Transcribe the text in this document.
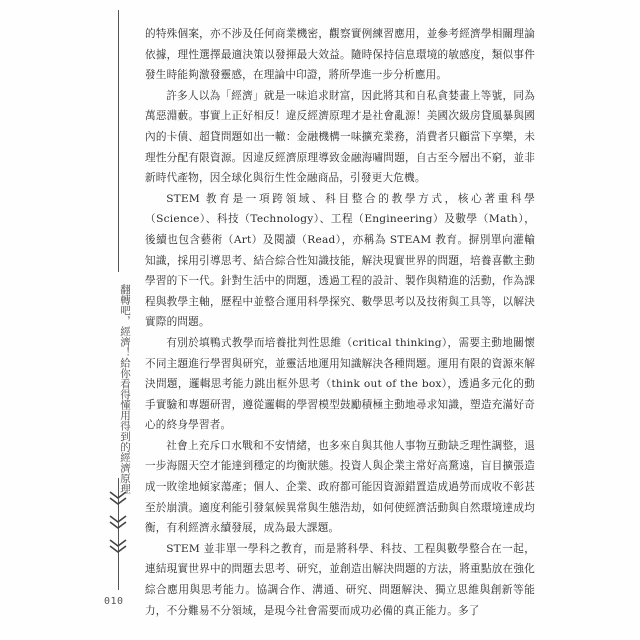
翻轉吧，經濟！給你看得懂用得到的經濟原理
010

的特殊個案，亦不涉及任何商業機密，觀察實例練習應用，並參考經濟學相關理論依據，理性選擇最適決策以發揮最大效益。隨時保持信息環境的敏感度，類似事件發生時能夠激發靈感，在理論中印證，將所學進一步分析應用。

許多人以為「經濟」就是一味追求財富，因此將其和自私貪婪畫上等號，同為萬惡淵藪。事實上正好相反！違反經濟原理才是社會亂源！美國次級房貸風暴與國內的卡債、超貸問題如出一轍：金融機構一味擴充業務，消費者只顧當下享樂，未理性分配有限資源。因違反經濟原理導致金融海嘯問題，自古至今層出不窮，並非新時代產物，因全球化與衍生性金融商品，引發更大危機。

STEM 教育是一項跨領域、科目整合的教學方式，核心著重科學（Science）、科技（Technology）、工程（Engineering）及數學（Math），後續也包含藝術（Art）及閱讀（Read），亦稱為 STEAM 教育。摒別單向灌輸知識，採用引導思考、結合綜合性知識技能，解決現實世界的問題，培養喜歡主動學習的下一代。針對生活中的問題，透過工程的設計、製作與精進的活動，作為課程與教學主軸，歷程中並整合運用科學探究、數學思考以及技術與工具等，以解決實際的問題。

有別於填鴨式教學而培養批判性思維（critical thinking），需要主動地關懷不同主題進行學習與研究，並靈活地運用知識解決各種問題。運用有限的資源來解決問題，邏輯思考能力跳出框外思考（think out of the box），透過多元化的動手實驗和專題研習，遵從邏輯的學習模型鼓勵積極主動地尋求知識，塑造充滿好奇心的終身學習者。

社會上充斥口水戰和不安情緒，也多來自與其他人事物互動缺乏理性調整，退一步海闊天空才能達到穩定的均衡狀態。投資人與企業主常好高騖遠，盲目擴張造成一敗塗地傾家蕩產；個人、企業、政府都可能因資源錯置造成過勞而成收不彰甚至於崩潰。適度利能引發氣候異常與生態浩劫，如何使經濟活動與自然環境達成均衡，有利經濟永續發展，成為最大課題。

STEM 並非單一學科之教育，而是將科學、科技、工程與數學整合在一起，連結現實世界中的問題去思考、研究，並創造出解決問題的方法，將重點放在強化綜合應用與思考能力。協調合作、溝通、研究、問題解決、獨立思維與創新等能力，不分難易不分領域，是現今社會需要而成功必備的真正能力。多了
